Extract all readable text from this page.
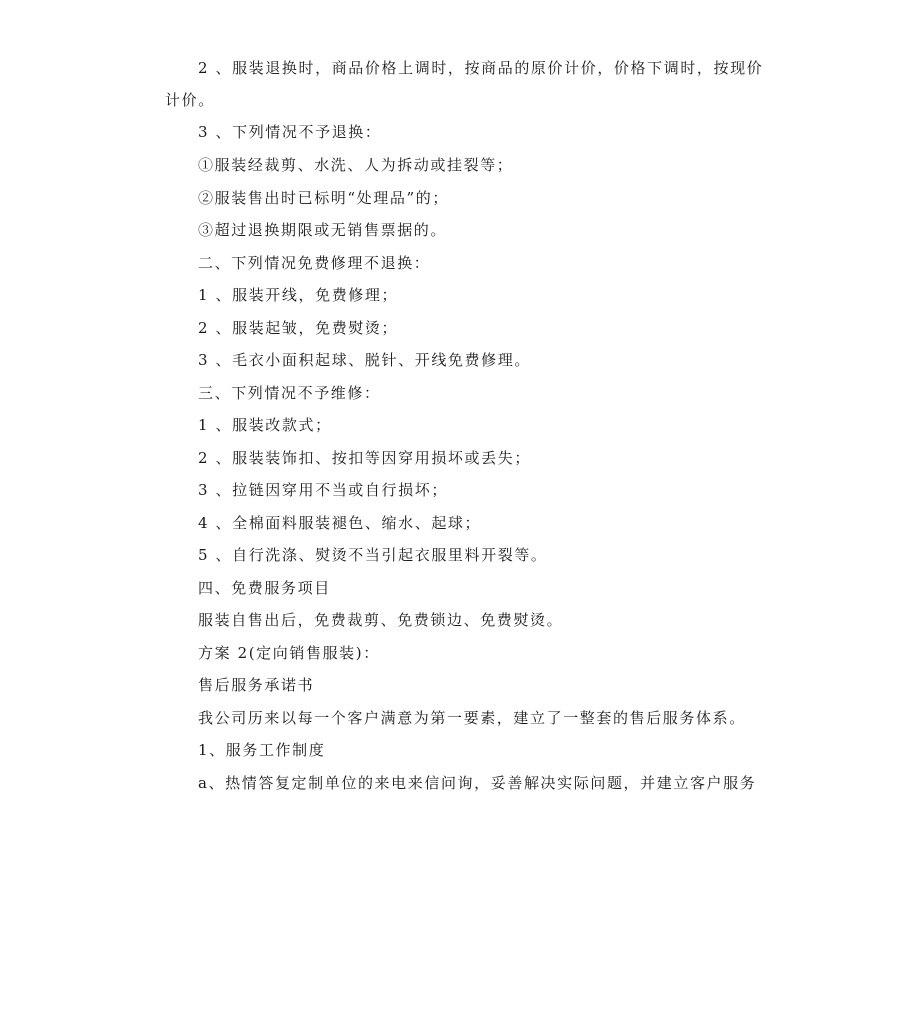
2 、服装退换时，商品价格上调时，按商品的原价计价，价格下调时，按现价
计价。
3 、下列情况不予退换：
①服装经裁剪、水洗、人为拆动或挂裂等；
②服装售出时已标明“处理品”的；
③超过退换期限或无销售票据的。
二、下列情况免费修理不退换：
1 、服装开线，免费修理；
2 、服装起皱，免费熨烫；
3 、毛衣小面积起球、脱针、开线免费修理。
三、下列情况不予维修：
1 、服装改款式；
2 、服装装饰扣、按扣等因穿用损坏或丢失；
3 、拉链因穿用不当或自行损坏；
4 、全棉面料服装褪色、缩水、起球；
5 、自行洗涤、熨烫不当引起衣服里料开裂等。
四、免费服务项目
服装自售出后，免费裁剪、免费锁边、免费熨烫。
方案 2(定向销售服装)：
售后服务承诺书
我公司历来以每一个客户满意为第一要素，建立了一整套的售后服务体系。
1、服务工作制度
a、热情答复定制单位的来电来信问询，妥善解决实际问题，并建立客户服务
